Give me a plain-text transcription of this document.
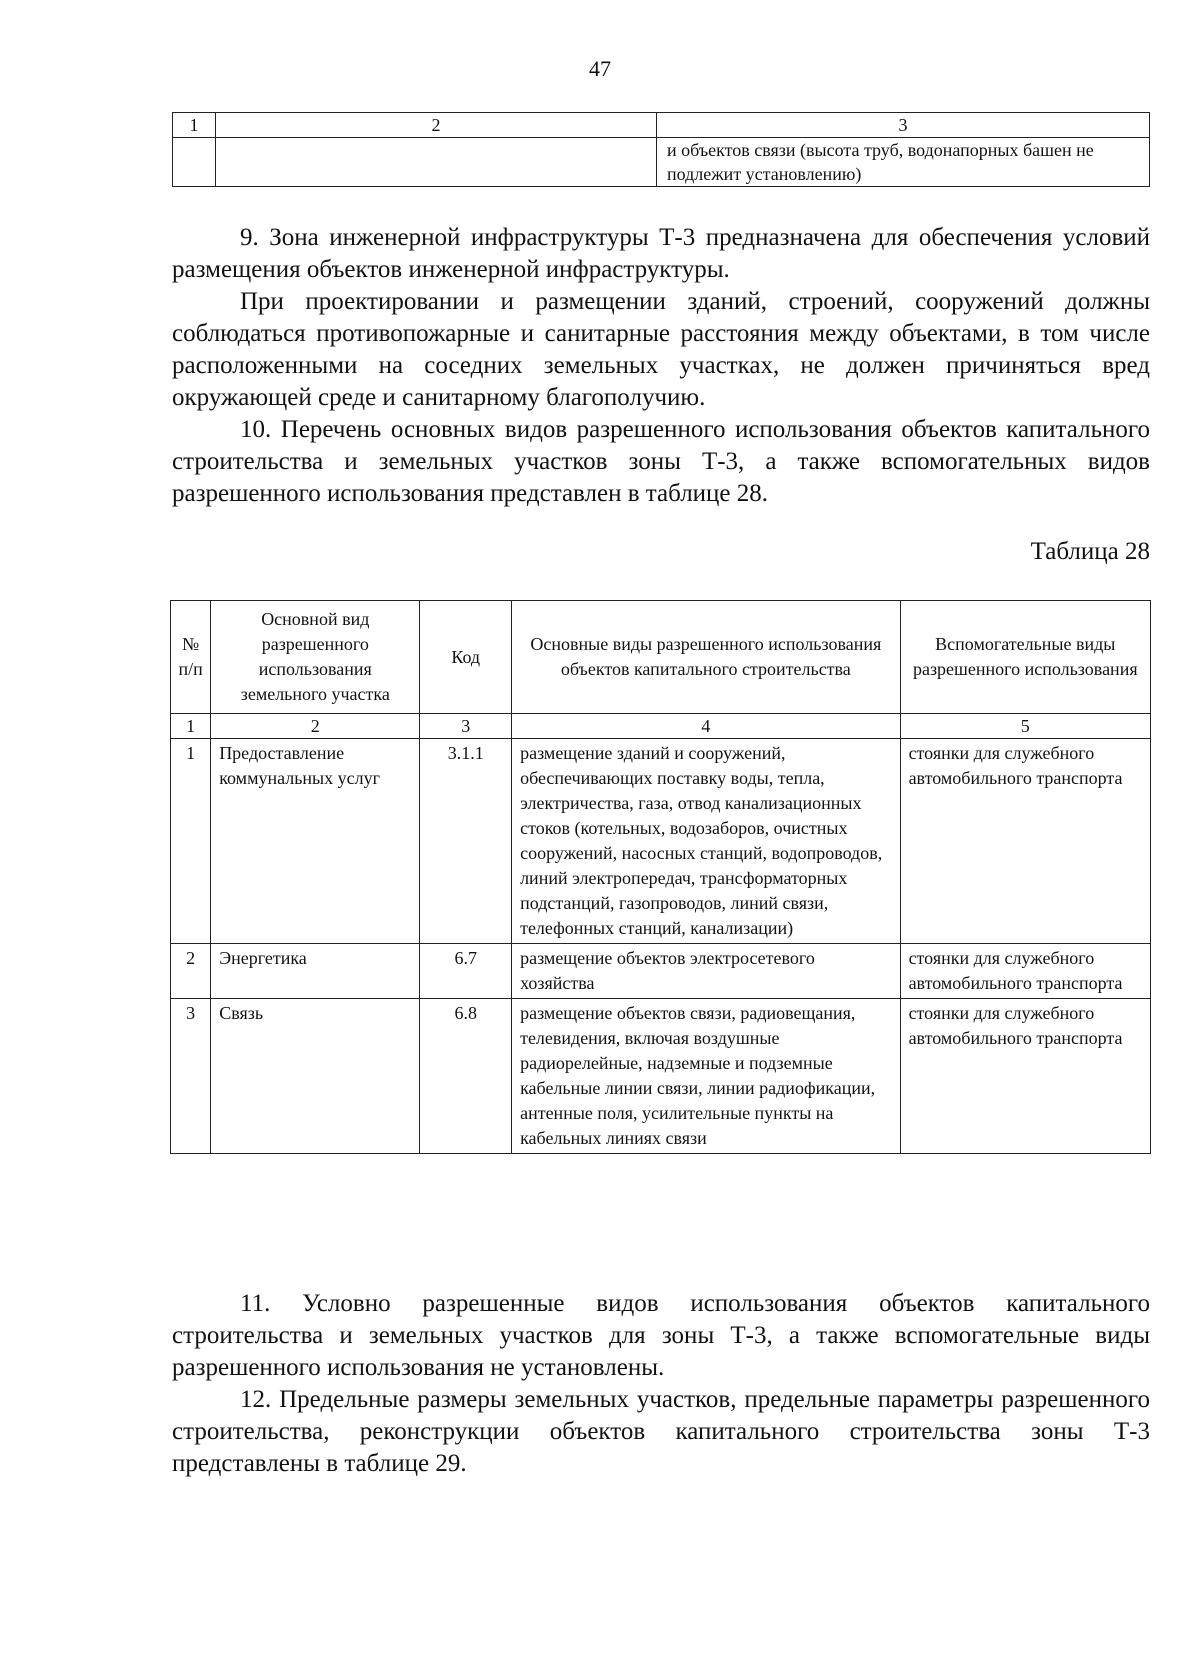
47
1	2	3
		и объектов связи (высота труб, водонапорных башен не подлежит установлению)

9. Зона инженерной инфраструктуры Т-3 предназначена для обеспечения условий размещения объектов инженерной инфраструктуры.

При проектировании и размещении зданий, строений, сооружений должны соблюдаться противопожарные и санитарные расстояния между объектами, в том числе расположенными на соседних земельных участках, не должен причиняться вред окружающей среде и санитарному благополучию.

10. Перечень основных видов разрешенного использования объектов капитального строительства и земельных участков зоны Т-3, а также вспомогательных видов разрешенного использования представлен в таблице 28.

Таблица 28
№ п/п	Основной вид разрешенного использования земельного участка	Код	Основные виды разрешенного использования объектов капитального строительства	Вспомогательные виды разрешенного использования
1	2	3	4	5
1	Предоставление коммунальных услуг	3.1.1	размещение зданий и сооружений, обеспечивающих поставку воды, тепла, электричества, газа, отвод канализационных стоков (котельных, водозаборов, очистных сооружений, насосных станций, водопроводов, линий электропередач, трансформаторных подстанций, газопроводов, линий связи, телефонных станций, канализации)	стоянки для служебного автомобильного транспорта
2	Энергетика	6.7	размещение объектов электросетевого хозяйства	стоянки для служебного автомобильного транспорта
3	Связь	6.8	размещение объектов связи, радиовещания, телевидения, включая воздушные радиорелейные, надземные и подземные кабельные линии связи, линии радиофикации, антенные поля, усилительные пункты на кабельных линиях связи	стоянки для служебного автомобильного транспорта

11. Условно разрешенные видов использования объектов капитального строительства и земельных участков для зоны Т-3, а также вспомогательные виды разрешенного использования не установлены.

12. Предельные размеры земельных участков, предельные параметры разрешенного строительства, реконструкции объектов капитального строительства зоны Т-3 представлены в таблице 29.
